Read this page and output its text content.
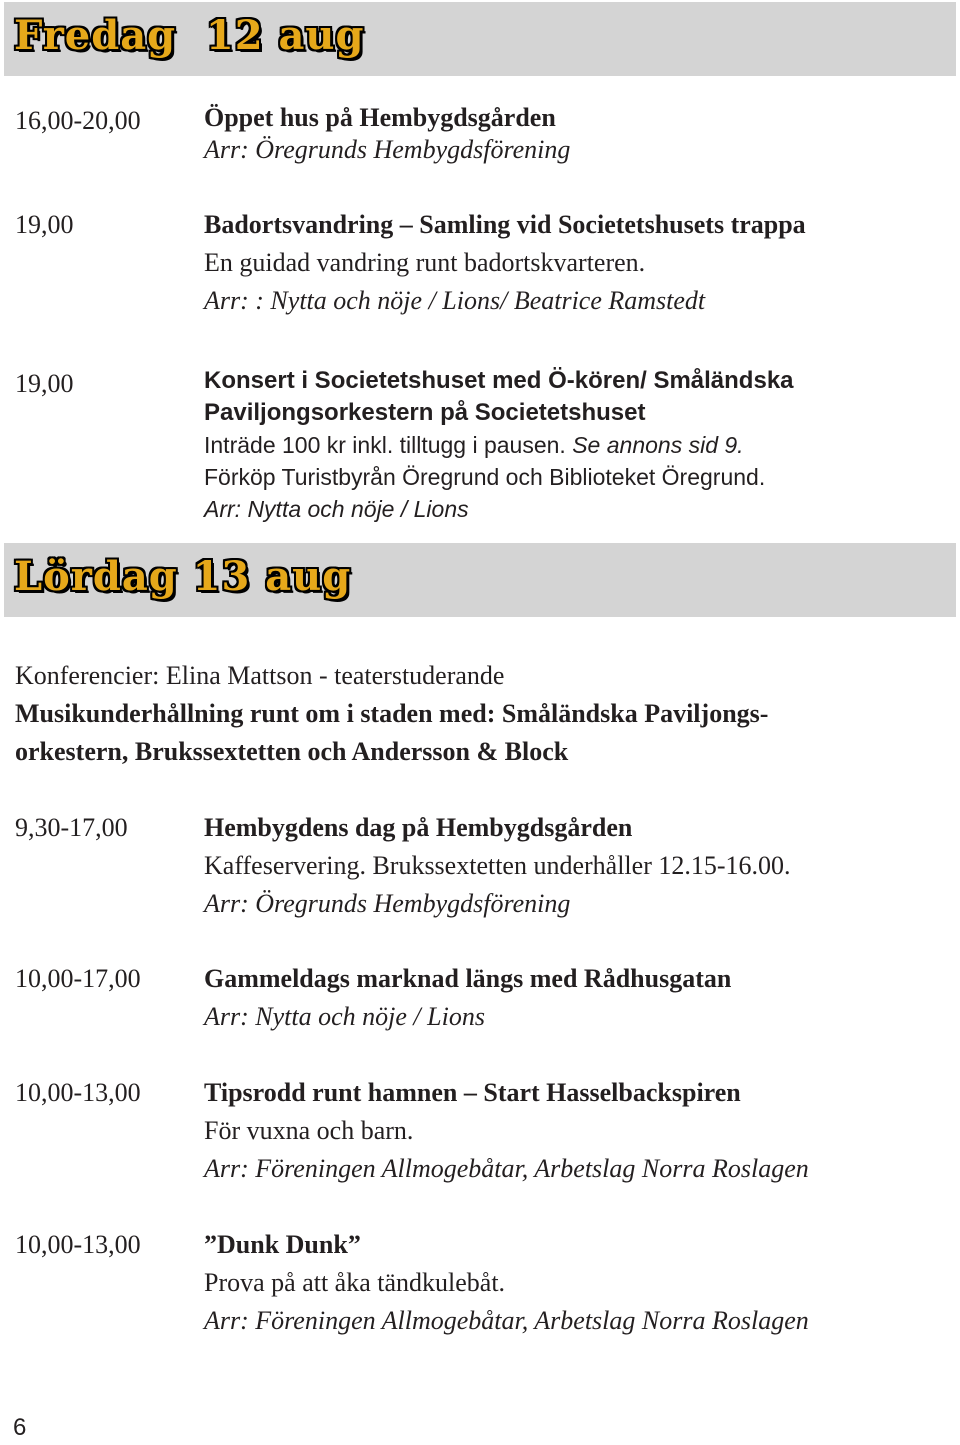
Fredag  12 aug
16,00-20,00 Öppet hus på Hembygdsgården
Arr: Öregrunds Hembygdsförening
19,00	Badortsvandring – Samling vid Societetshusets trappa
En guidad vandring runt badortskvarteren.
Arr: : Nytta och nöje / Lions/ Beatrice Ramstedt
19,00	Konsert i Societetshuset med Ö-kören/ Småländska
Paviljongsorkestern på Societetshuset
Inträde 100 kr inkl. tilltugg i pausen. Se annons sid 9.
Förköp Turistbyrån Öregrund och Biblioteket Öregrund.
Arr: Nytta och nöje / Lions
Lördag 13 aug
Konferencier: Elina Mattson - teaterstuderande
Musikunderhållning runt om i staden med: Småländska Paviljongs-
orkestern, Brukssextetten och Andersson & Block
9,30-17,00	Hembygdens dag på Hembygdsgården
Kaffeservering. Brukssextetten underhåller 12.15-16.00.
Arr: Öregrunds Hembygdsförening
10,00-17,00 Gammeldags marknad längs med Rådhusgatan
Arr: Nytta och nöje / Lions
10,00-13,00 Tipsrodd runt hamnen – Start Hasselbackspiren
För vuxna och barn.
Arr: Föreningen Allmogebåtar, Arbetslag Norra Roslagen
10,00-13,00 ”Dunk Dunk”
Prova på att åka tändkulebåt.
Arr: Föreningen Allmogebåtar, Arbetslag Norra Roslagen
6
